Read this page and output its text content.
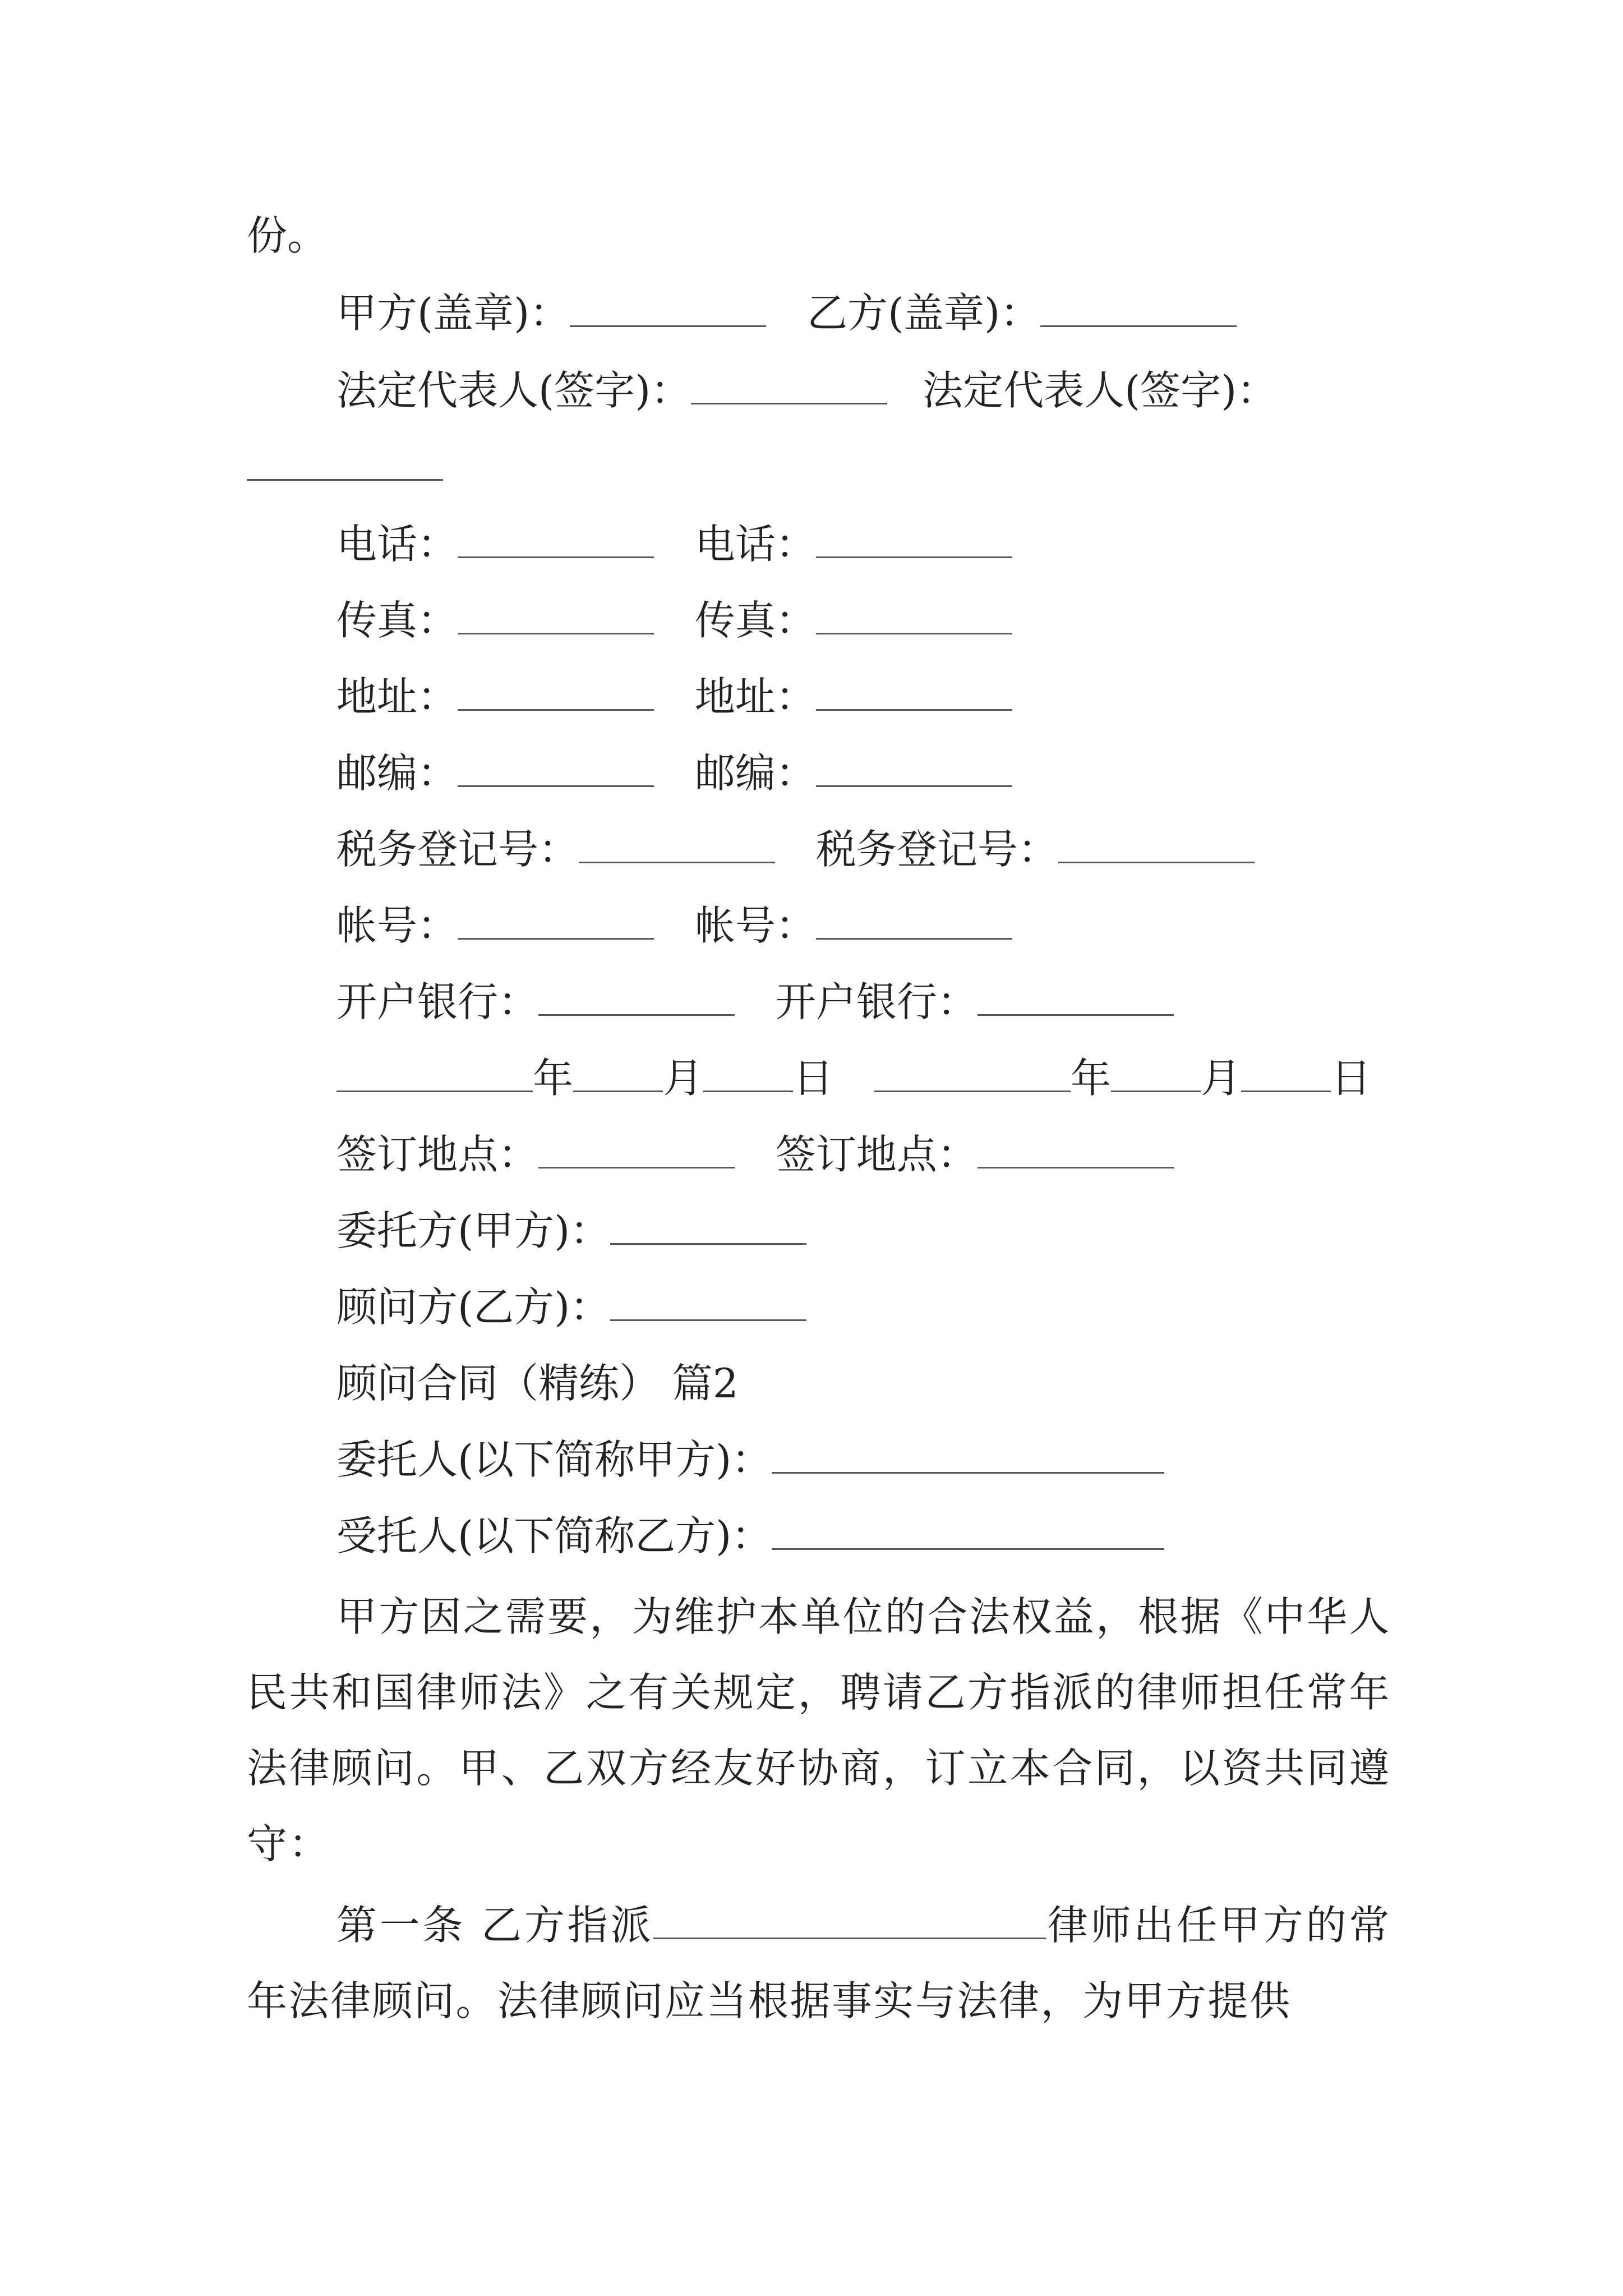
份。
甲方(盖章)：	乙方(盖章)：
法定代表人(签字)：	法定代表人(签字)：
电话：	电话：
传真：	传真：
地址：	地址：
邮编：	邮编：
税务登记号：	税务登记号：
帐号：	帐号：
开户银行：	开户银行：
年 月 日	年 月 日
签订地点：	签订地点：
委托方(甲方)：
顾问方(乙方)：
顾问合同（精练） 篇2
委托人(以下简称甲方)：
受托人(以下简称乙方)：
甲方因之需要，为维护本单位的合法权益，根据《中华人民共和国律师法》之有关规定，聘请乙方指派的律师担任常年法律顾问。甲、乙双方经友好协商，订立本合同，以资共同遵守：
第一条 乙方指派	律师出任甲方的常年法律顾问。法律顾问应当根据事实与法律，为甲方提供
